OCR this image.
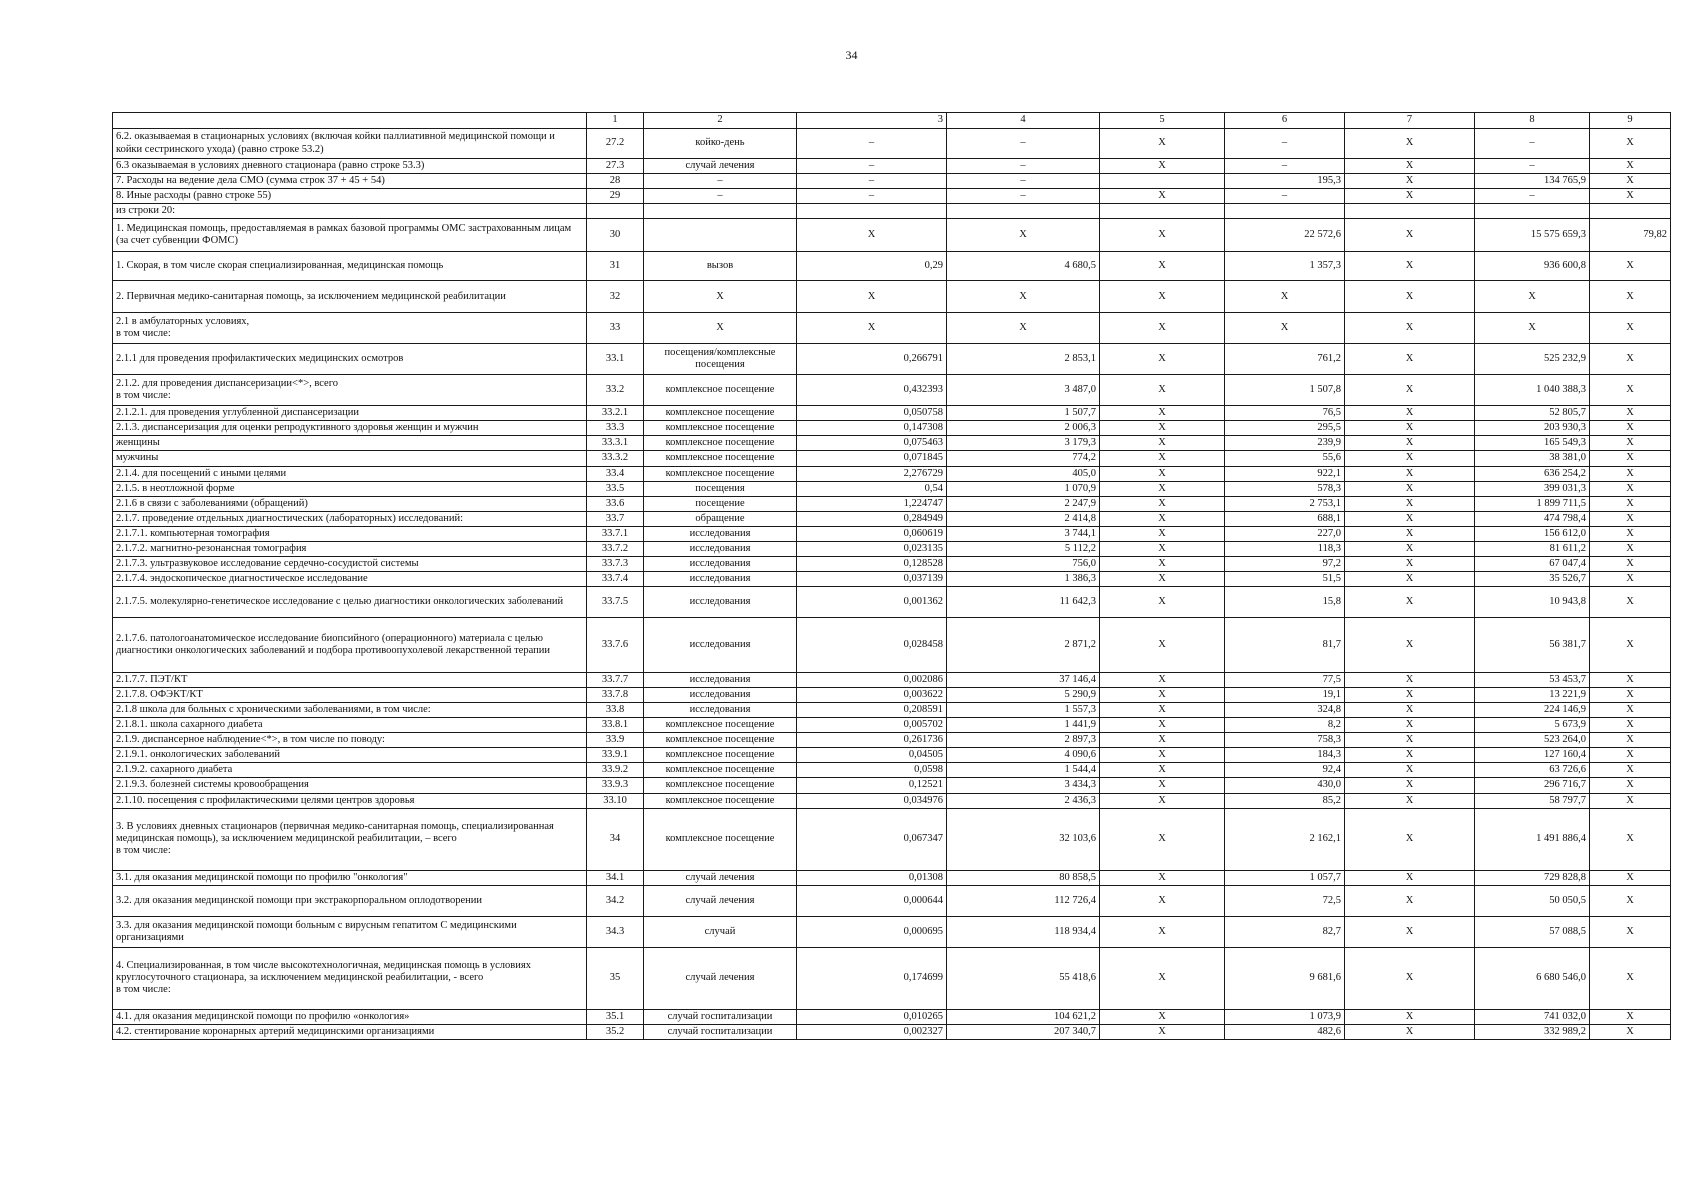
34
	1	2	3	4	5	6	7	8	9
6.2. оказываемая в стационарных условиях (включая койки паллиативной медицинской помощи и койки сестринского ухода) (равно строке 53.2)	27.2	койко-день	–	–	X	–	X	–	X
6.3 оказываемая в условиях дневного стационара (равно строке 53.3)	27.3	случай лечения	–	–	X	–	X	–	X
7. Расходы на ведение дела СМО (сумма строк 37 + 45 + 54)	28	–	–	–		195,3	X	134 765,9	X
8. Иные расходы (равно строке 55)	29	–	–	–	X	–	X	–	X
из строки 20:									
1. Медицинская помощь, предоставляемая в рамках базовой программы ОМС застрахованным лицам (за счет субвенции ФОМС)	30		X	X	X	22 572,6	X	15 575 659,3	79,82
1. Скорая, в том числе скорая специализированная, медицинская помощь	31	вызов	0,29	4 680,5	X	1 357,3	X	936 600,8	X
2. Первичная медико-санитарная помощь, за исключением медицинской реабилитации	32	X	X	X	X	X	X	X	X
2.1 в амбулаторных условиях,
в том числе:	33	X	X	X	X	X	X	X	X
2.1.1 для проведения профилактических медицинских осмотров	33.1	посещения/комплексные посещения	0,266791	2 853,1	X	761,2	X	525 232,9	X
2.1.2. для проведения диспансеризации<*>, всего
в том числе:	33.2	комплексное посещение	0,432393	3 487,0	X	1 507,8	X	1 040 388,3	X
2.1.2.1. для проведения углубленной диспансеризации	33.2.1	комплексное посещение	0,050758	1 507,7	X	76,5	X	52 805,7	X
2.1.3. диспансеризация для оценки репродуктивного здоровья женщин и мужчин	33.3	комплексное посещение	0,147308	2 006,3	X	295,5	X	203 930,3	X
женщины	33.3.1	комплексное посещение	0,075463	3 179,3	X	239,9	X	165 549,3	X
мужчины	33.3.2	комплексное посещение	0,071845	774,2	X	55,6	X	38 381,0	X
2.1.4. для посещений с иными целями	33.4	комплексное посещение	2,276729	405,0	X	922,1	X	636 254,2	X
2.1.5. в неотложной форме	33.5	посещения	0,54	1 070,9	X	578,3	X	399 031,3	X
2.1.6 в связи с заболеваниями (обращений)	33.6	посещение	1,224747	2 247,9	X	2 753,1	X	1 899 711,5	X
2.1.7. проведение отдельных диагностических (лабораторных) исследований:	33.7	обращение	0,284949	2 414,8	X	688,1	X	474 798,4	X
2.1.7.1. компьютерная томография	33.7.1	исследования	0,060619	3 744,1	X	227,0	X	156 612,0	X
2.1.7.2. магнитно-резонансная томография	33.7.2	исследования	0,023135	5 112,2	X	118,3	X	81 611,2	X
2.1.7.3. ультразвуковое исследование сердечно-сосудистой системы	33.7.3	исследования	0,128528	756,0	X	97,2	X	67 047,4	X
2.1.7.4. эндоскопическое диагностическое исследование	33.7.4	исследования	0,037139	1 386,3	X	51,5	X	35 526,7	X
2.1.7.5. молекулярно-генетическое исследование с целью диагностики онкологических заболеваний	33.7.5	исследования	0,001362	11 642,3	X	15,8	X	10 943,8	X
2.1.7.6. патологоанатомическое исследование биопсийного (операционного) материала с целью диагностики онкологических заболеваний и подбора противоопухолевой лекарственной терапии	33.7.6	исследования	0,028458	2 871,2	X	81,7	X	56 381,7	X
2.1.7.7. ПЭТ/КТ	33.7.7	исследования	0,002086	37 146,4	X	77,5	X	53 453,7	X
2.1.7.8. ОФЭКТ/КТ	33.7.8	исследования	0,003622	5 290,9	X	19,1	X	13 221,9	X
2.1.8 школа для больных с хроническими заболеваниями, в том числе:	33.8	исследования	0,208591	1 557,3	X	324,8	X	224 146,9	X
2.1.8.1. школа сахарного диабета	33.8.1	комплексное посещение	0,005702	1 441,9	X	8,2	X	5 673,9	X
2.1.9. диспансерное наблюдение<*>, в том числе по поводу:	33.9	комплексное посещение	0,261736	2 897,3	X	758,3	X	523 264,0	X
2.1.9.1. онкологических заболеваний	33.9.1	комплексное посещение	0,04505	4 090,6	X	184,3	X	127 160,4	X
2.1.9.2. сахарного диабета	33.9.2	комплексное посещение	0,0598	1 544,4	X	92,4	X	63 726,6	X
2.1.9.3. болезней системы кровообращения	33.9.3	комплексное посещение	0,12521	3 434,3	X	430,0	X	296 716,7	X
2.1.10. посещения с профилактическими целями центров здоровья	33.10	комплексное посещение	0,034976	2 436,3	X	85,2	X	58 797,7	X
3. В условиях дневных стационаров (первичная медико-санитарная помощь, специализированная медицинская помощь), за исключением медицинской реабилитации, – всего
в том числе:	34	комплексное посещение	0,067347	32 103,6	X	2 162,1	X	1 491 886,4	X
3.1. для оказания медицинской помощи по профилю "онкология"	34.1	случай лечения	0,01308	80 858,5	X	1 057,7	X	729 828,8	X
3.2. для оказания медицинской помощи при экстракорпоральном оплодотворении	34.2	случай лечения	0,000644	112 726,4	X	72,5	X	50 050,5	X
3.3. для оказания медицинской помощи больным с вирусным гепатитом С медицинскими организациями	34.3	случай	0,000695	118 934,4	X	82,7	X	57 088,5	X
4. Специализированная, в том числе высокотехнологичная, медицинская помощь в условиях круглосуточного стационара, за исключением медицинской реабилитации, - всего
в том числе:	35	случай лечения	0,174699	55 418,6	X	9 681,6	X	6 680 546,0	X
4.1. для оказания медицинской помощи по профилю «онкология»	35.1	случай госпитализации	0,010265	104 621,2	X	1 073,9	X	741 032,0	X
4.2. стентирование коронарных артерий медицинскими организациями	35.2	случай госпитализации	0,002327	207 340,7	X	482,6	X	332 989,2	X
